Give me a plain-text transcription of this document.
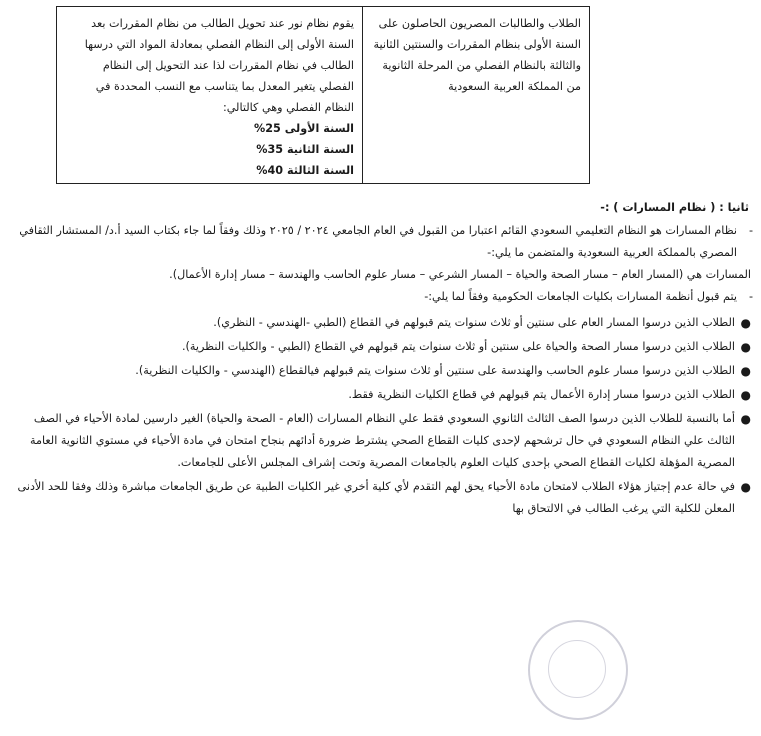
الطلاب والطالبات المصريون الحاصلون على السنة الأولى بنظام المقررات والسنتين الثانية والثالثة بالنظام الفصلي من المرحلة الثانوية من المملكة العربية السعودية
يقوم نظام نور عند تحويل الطالب من نظام المقررات بعد السنة الأولى إلى النظام الفصلي بمعادلة المواد التي درسها الطالب في نظام المقررات لذا عند التحويل إلى النظام الفصلي يتغير المعدل بما يتناسب مع النسب المحددة في النظام الفصلي وهي كالتالي:
السنة الأولى 25%
السنة الثانية 35%
السنة الثالثة 40%
ثانيا : ( نظام المسارات ) :-

-
نظام المسارات هو النظام التعليمي السعودي القائم اعتبارا من القبول في العام الجامعي ٢٠٢٤ / ٢٠٢٥ وذلك وفقاً لما جاء بكتاب السيد أ.د/ المستشار الثقافي المصري بالمملكة العربية السعودية والمتضمن ما يلي:-

المسارات هي (المسار العام – مسار الصحة والحياة – المسار الشرعي – مسار علوم الحاسب والهندسة – مسار إدارة الأعمال).

-
يتم قبول أنظمة المسارات بكليات الجامعات الحكومية وفقاً لما يلي:-

●
الطلاب الذين درسوا المسار العام على سنتين أو ثلاث سنوات يتم قبولهم في القطاع (الطبي -الهندسي - النظري).

●
الطلاب الذين درسوا مسار الصحة والحياة على سنتين أو ثلاث سنوات يتم قبولهم في القطاع (الطبي - والكليات النظرية).

●
الطلاب الذين درسوا مسار علوم الحاسب والهندسة على سنتين أو ثلاث سنوات يتم قبولهم فيالقطاع (الهندسي - والكليات النظرية).

●
الطلاب الذين درسوا مسار إدارة الأعمال يتم قبولهم في قطاع الكليات النظرية فقط.

●
أما بالنسبة للطلاب الذين درسوا الصف الثالث الثانوي السعودي فقط علي النظام المسارات (العام - الصحة والحياة) الغير دارسين لمادة الأحياء في الصف الثالث علي النظام السعودي في حال ترشحهم لإحدى كليات القطاع الصحي يشترط ضرورة أدائهم بنجاح امتحان في مادة الأحياء في مستوي الثانوية العامة المصرية المؤهلة لكليات القطاع الصحي بإحدى كليات العلوم بالجامعات المصرية وتحت إشراف المجلس الأعلى للجامعات.

●
في حالة عدم إجتياز هؤلاء الطلاب لامتحان مادة الأحياء يحق لهم التقدم لأي كلية أخري غير الكليات الطبية عن طريق الجامعات مباشرة وذلك وفقا للحد الأدنى المعلن للكلية التي يرغب الطالب في الالتحاق بها
